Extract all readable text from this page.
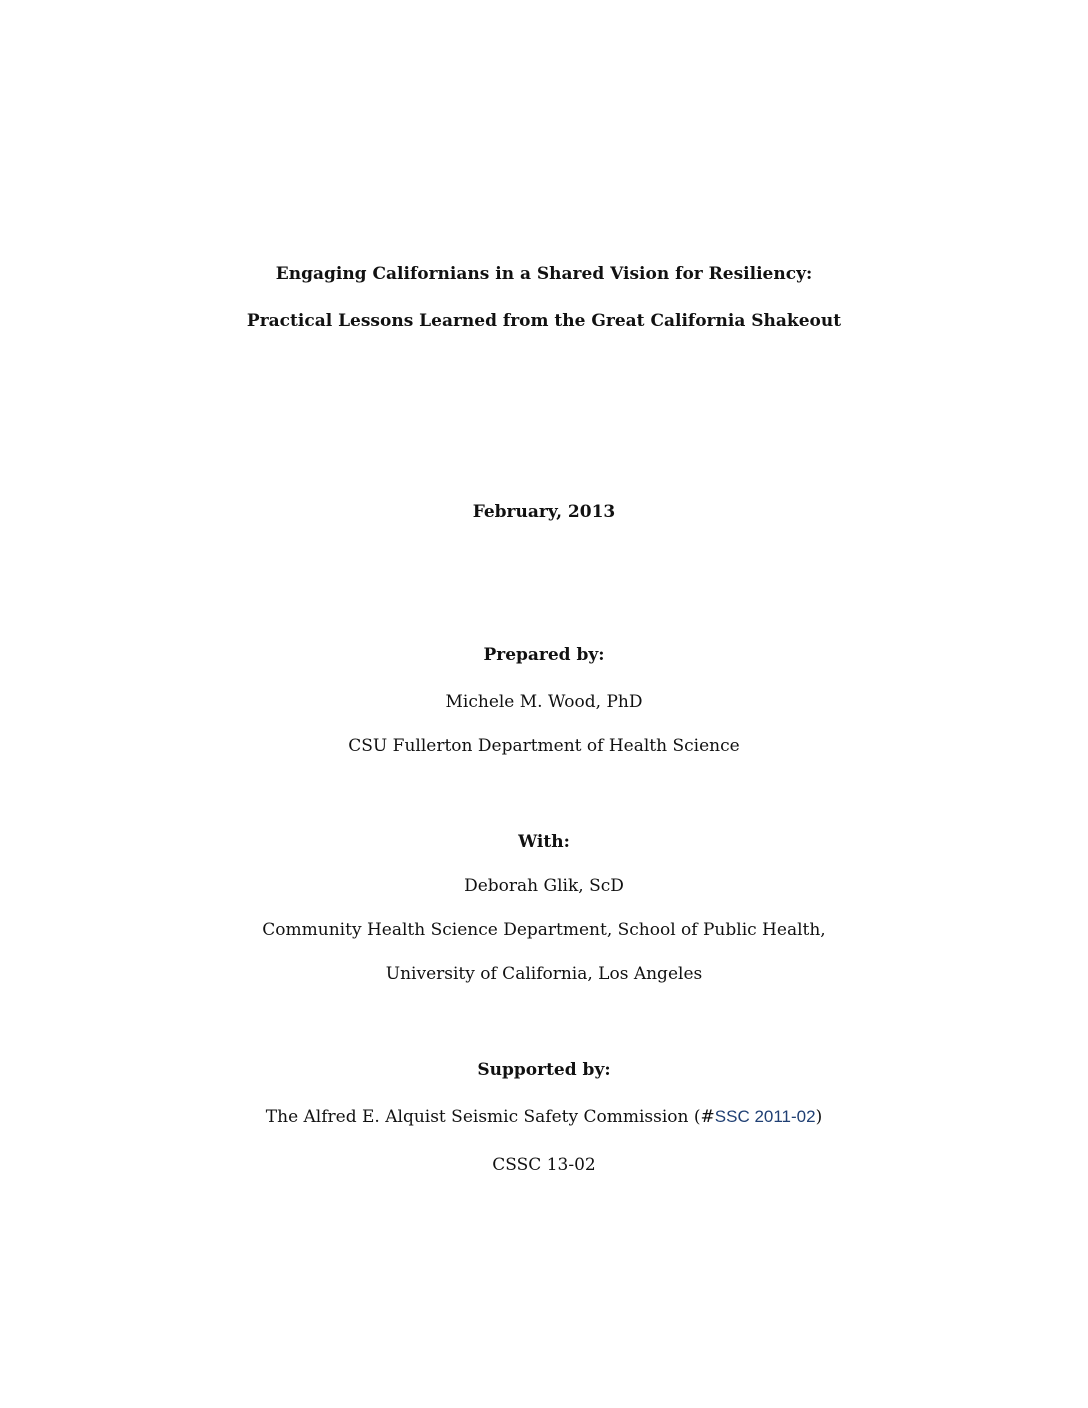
Engaging Californians in a Shared Vision for Resiliency:
Practical Lessons Learned from the Great California Shakeout
February, 2013
Prepared by:
Michele M. Wood, PhD
CSU Fullerton Department of Health Science
With:
Deborah Glik, ScD
Community Health Science Department, School of Public Health,
University of California, Los Angeles
Supported by:
The Alfred E. Alquist Seismic Safety Commission (#SSC 2011-02)
CSSC 13-02
